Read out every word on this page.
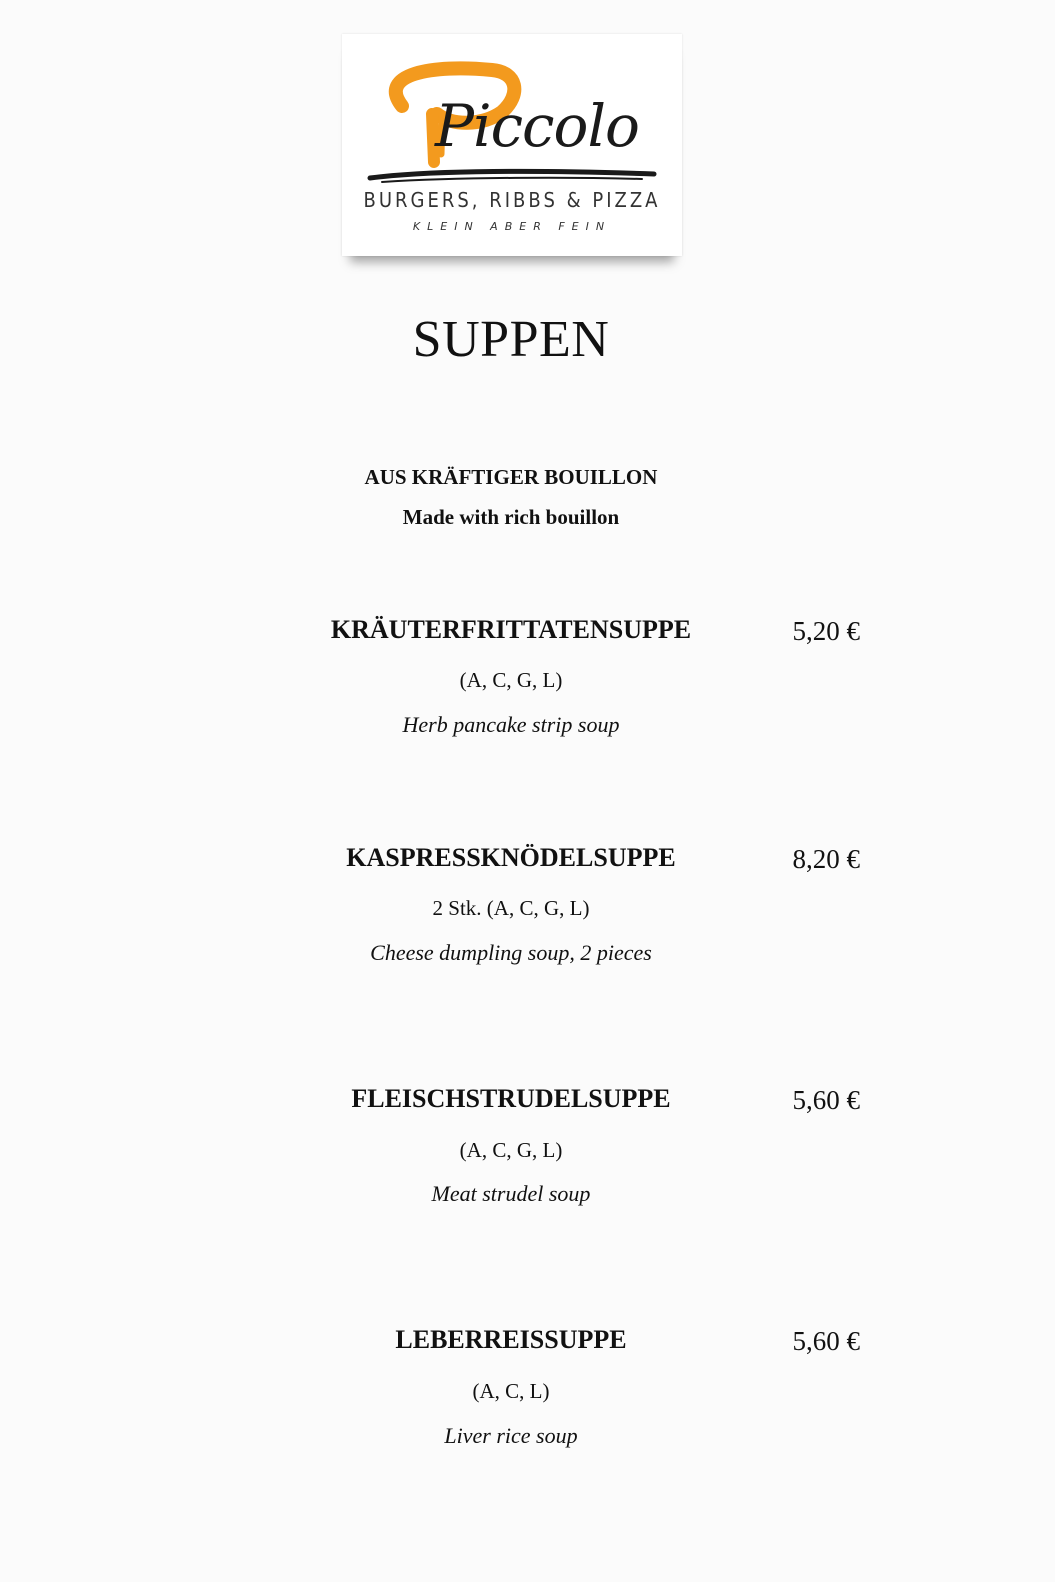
Piccolo
BURGERS, RIBBS & PIZZA
KLEIN ABER FEIN
SUPPEN
AUS KRÄFTIGER BOUILLON
Made with rich bouillon
KRÄUTERFRITTATENSUPPE	5,20 €
(A, C, G, L)
Herb pancake strip soup
KASPRESSKNÖDELSUPPE	8,20 €
2 Stk. (A, C, G, L)
Cheese dumpling soup, 2 pieces
FLEISCHSTRUDELSUPPE	5,60 €
(A, C, G, L)
Meat strudel soup
LEBERREISSUPPE	5,60 €
(A, C, L)
Liver rice soup
